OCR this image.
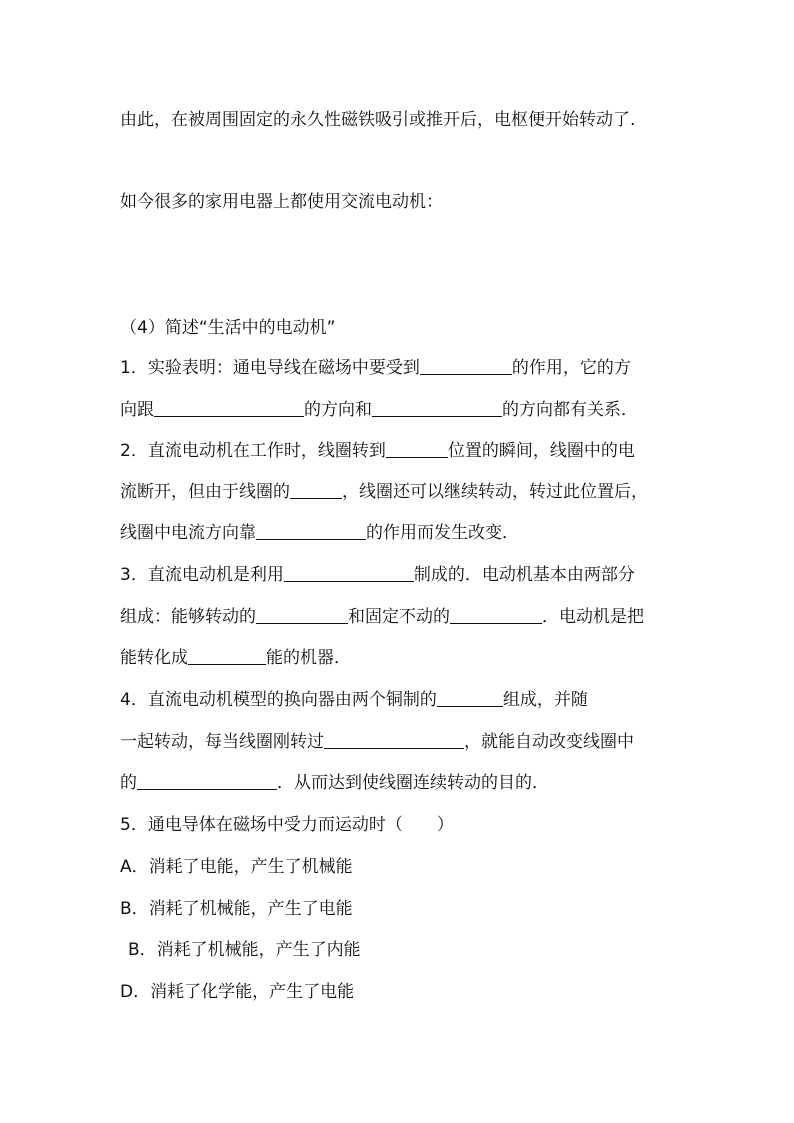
由此，在被周围固定的永久性磁铁吸引或推开后，电枢便开始转动了.
如今很多的家用电器上都使用交流电动机：
（4）简述“生活中的电动机”
1．实验表明：通电导线在磁场中要受到	的作用，它的方
向跟	的方向和	的方向都有关系．
2．直流电动机在工作时，线圈转到	位置的瞬间，线圈中的电
流断开，但由于线圈的	，线圈还可以继续转动，转过此位置后，
线圈中电流方向靠	的作用而发生改变．
3．直流电动机是利用	制成的．电动机基本由两部分
组成：能够转动的	和固定不动的	．电动机是把
能转化成	能的机器．
4．直流电动机模型的换向器由两个铜制的	组成，并随
一起转动，每当线圈刚转过	，就能自动改变线圈中
的	．从而达到使线圈连续转动的目的．
5．通电导体在磁场中受力而运动时（　　）
A．消耗了电能，产生了机械能
B．消耗了机械能，产生了电能
B．消耗了机械能，产生了内能
D．消耗了化学能，产生了电能
